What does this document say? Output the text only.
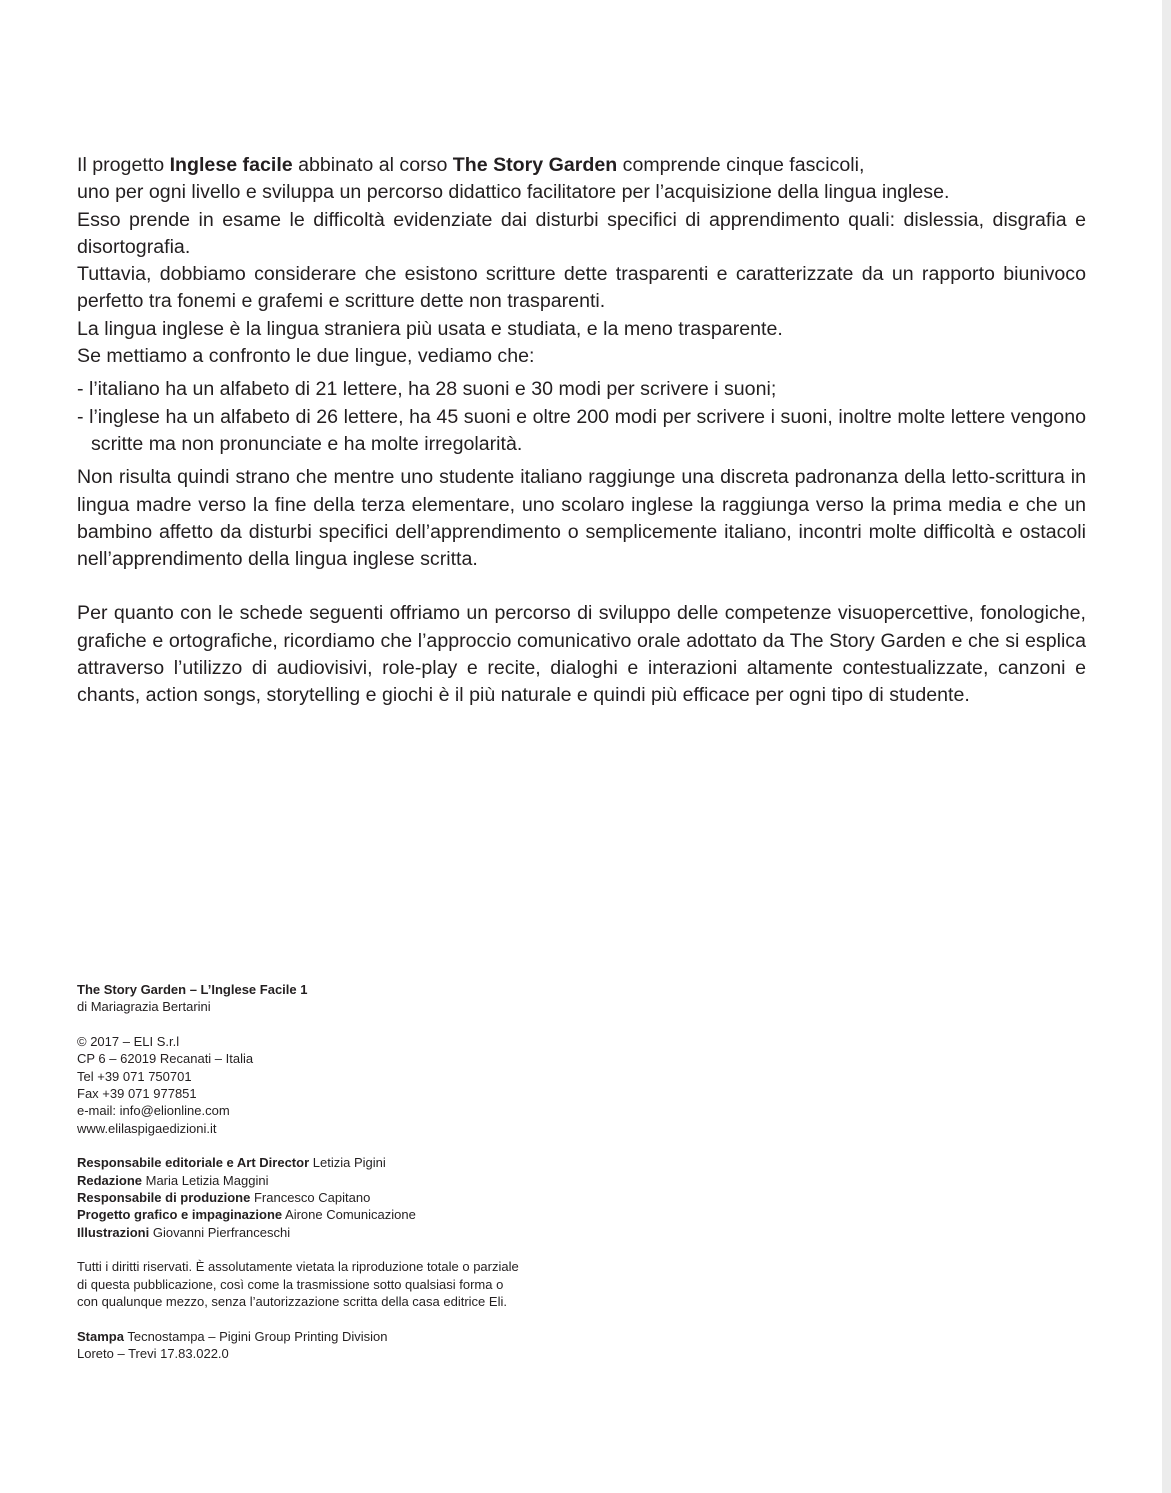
Il progetto Inglese facile abbinato al corso The Story Garden comprende cinque fascicoli,

uno per ogni livello e sviluppa un percorso didattico facilitatore per l’acquisizione della lingua inglese.

Esso prende in esame le difficoltà evidenziate dai disturbi specifici di apprendimento quali: dislessia, disgrafia e disortografia.

Tuttavia, dobbiamo considerare che esistono scritture dette trasparenti e caratterizzate da un rapporto biunivoco perfetto tra fonemi e grafemi e scritture dette non trasparenti.

La lingua inglese è la lingua straniera più usata e studiata, e la meno trasparente.

Se mettiamo a confronto le due lingue, vediamo che:

- l’italiano ha un alfabeto di 21 lettere, ha 28 suoni e 30 modi per scrivere i suoni;
- l’inglese ha un alfabeto di 26 lettere, ha 45 suoni e oltre 200 modi per scrivere i suoni, inoltre molte lettere vengono scritte ma non pronunciate e ha molte irregolarità.

Non risulta quindi strano che mentre uno studente italiano raggiunge una discreta padronanza della letto-scrittura in lingua madre verso la fine della terza elementare, uno scolaro inglese la raggiunga verso la prima media e che un bambino affetto da disturbi specifici dell’apprendimento o semplicemente italiano, incontri molte difficoltà e ostacoli nell’apprendimento della lingua inglese scritta.

Per quanto con le schede seguenti offriamo un percorso di sviluppo delle competenze visuopercettive, fonologiche, grafiche e ortografiche, ricordiamo che l’approccio comunicativo orale adottato da The Story Garden e che si esplica attraverso l’utilizzo di audiovisivi, role-play e recite, dialoghi e interazioni altamente contestualizzate, canzoni e chants, action songs, storytelling e giochi è il più naturale e quindi più efficace per ogni tipo di studente.

The Story Garden – L’Inglese Facile 1

di Mariagrazia Bertarini

© 2017 – ELI S.r.l

CP 6 – 62019 Recanati – Italia

Tel +39 071 750701

Fax +39 071 977851

e-mail: info@elionline.com

www.elilaspigaedizioni.it

Responsabile editoriale e Art Director Letizia Pigini

Redazione Maria Letizia Maggini

Responsabile di produzione Francesco Capitano

Progetto grafico e impaginazione Airone Comunicazione

Illustrazioni Giovanni Pierfranceschi

Tutti i diritti riservati. È assolutamente vietata la riproduzione totale o parziale

di questa pubblicazione, così come la trasmissione sotto qualsiasi forma o

con qualunque mezzo, senza l’autorizzazione scritta della casa editrice Eli.

Stampa Tecnostampa – Pigini Group Printing Division

Loreto – Trevi 17.83.022.0
